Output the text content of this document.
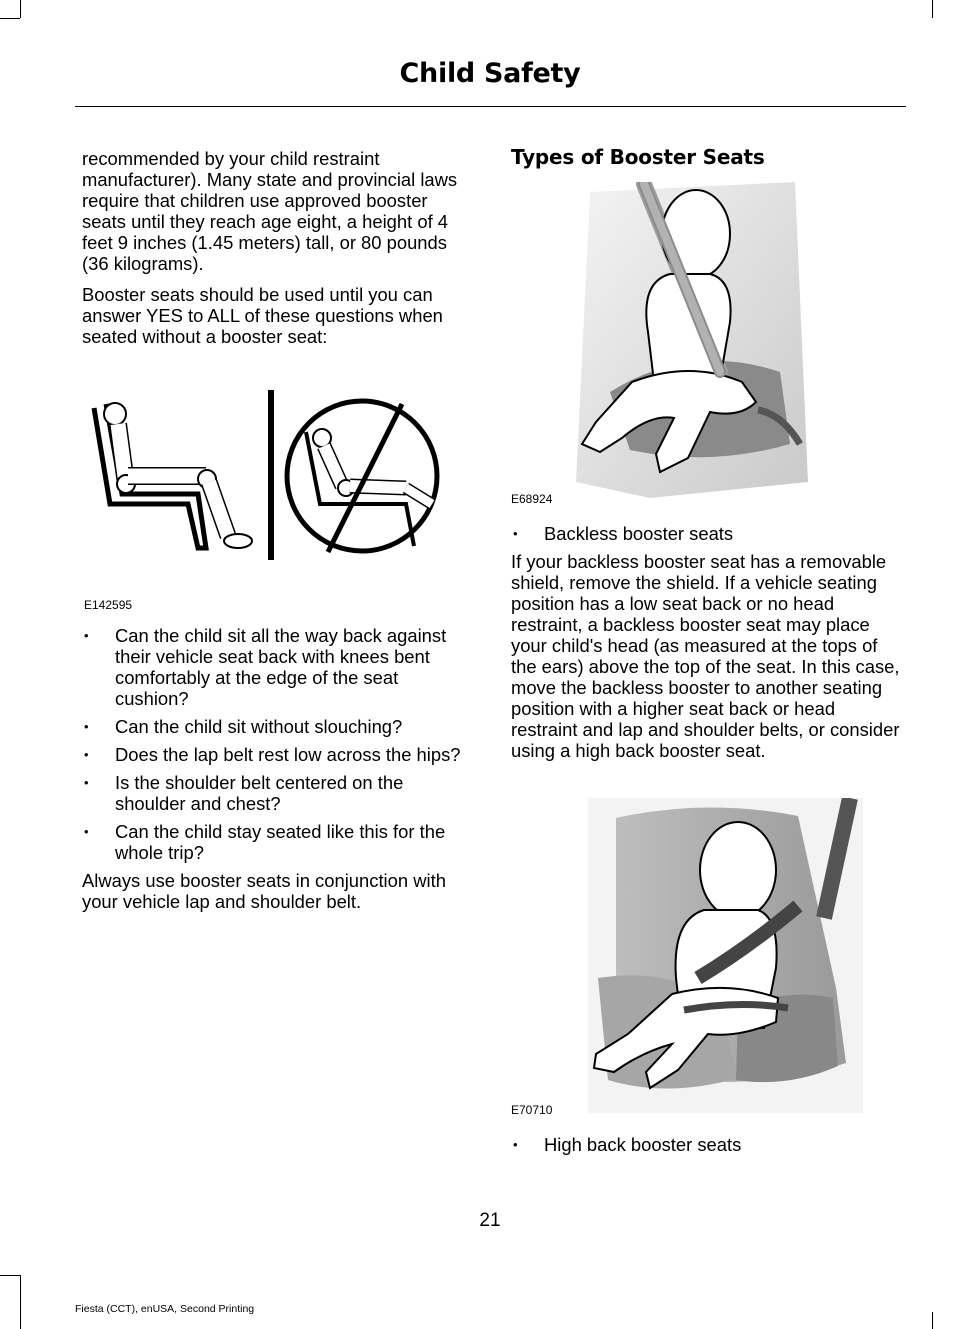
Child Safety

recommended by your child restraint manufacturer). Many state and provincial laws require that children use approved booster seats until they reach age eight, a height of 4 feet 9 inches (1.45 meters) tall, or 80 pounds (36 kilograms).

Booster seats should be used until you can answer YES to ALL of these questions when seated without a booster seat:

E142595
• Can the child sit all the way back against their vehicle seat back with knees bent comfortably at the edge of the seat cushion?
• Can the child sit without slouching?
• Does the lap belt rest low across the hips?
• Is the shoulder belt centered on the shoulder and chest?
• Can the child stay seated like this for the whole trip?

Always use booster seats in conjunction with your vehicle lap and shoulder belt.

Types of Booster Seats
E68924
• Backless booster seats

If your backless booster seat has a removable shield, remove the shield. If a vehicle seating position has a low seat back or no head restraint, a backless booster seat may place your child's head (as measured at the tops of the ears) above the top of the seat. In this case, move the backless booster to another seating position with a higher seat back or head restraint and lap and shoulder belts, or consider using a high back booster seat.

E70710
• High back booster seats
21
Fiesta (CCT), enUSA, Second Printing
